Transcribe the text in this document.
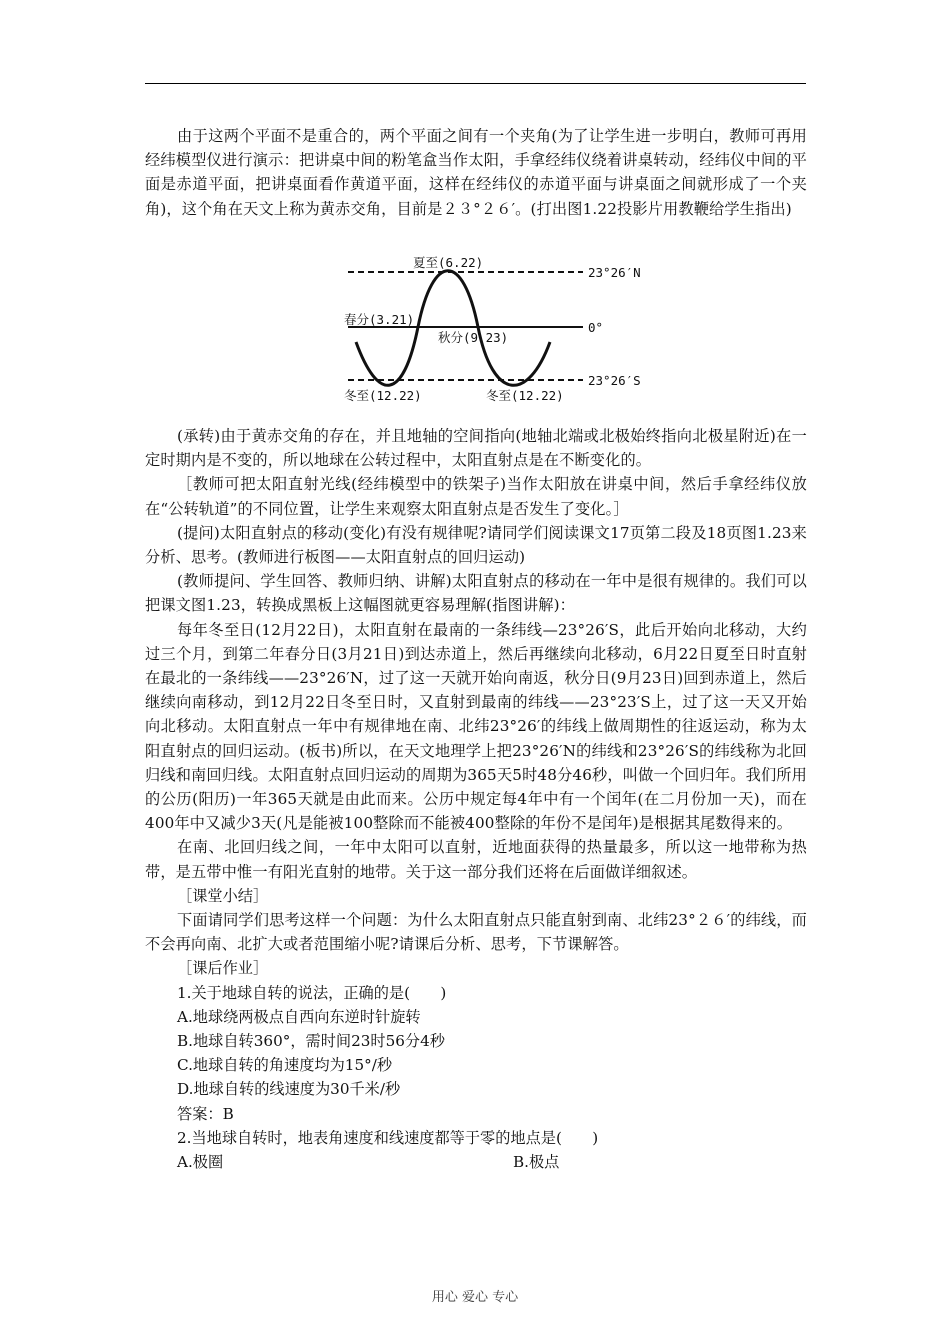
由于这两个平面不是重合的，两个平面之间有一个夹角(为了让学生进一步明白，教师可再用经纬模型仪进行演示：把讲桌中间的粉笔盒当作太阳，手拿经纬仪绕着讲桌转动，经纬仪中间的平面是赤道平面，把讲桌面看作黄道平面，这样在经纬仪的赤道平面与讲桌面之间就形成了一个夹角)，这个角在天文上称为黄赤交角，目前是２３°２６′。(打出图1.22投影片用教鞭给学生指出)

夏至(6.22)
春分(3.21)
秋分(9.23)
冬至(12.22)	冬至(12.22)
23°26′N
0°
23°26′S

(承转)由于黄赤交角的存在，并且地轴的空间指向(地轴北端或北极始终指向北极星附近)在一定时期内是不变的，所以地球在公转过程中，太阳直射点是在不断变化的。

［教师可把太阳直射光线(经纬模型中的铁架子)当作太阳放在讲桌中间，然后手拿经纬仪放在“公转轨道”的不同位置，让学生来观察太阳直射点是否发生了变化。］

(提问)太阳直射点的移动(变化)有没有规律呢?请同学们阅读课文17页第二段及18页图1.23来分析、思考。(教师进行板图——太阳直射点的回归运动)

(教师提问、学生回答、教师归纳、讲解)太阳直射点的移动在一年中是很有规律的。我们可以把课文图1.23，转换成黑板上这幅图就更容易理解(指图讲解)：

每年冬至日(12月22日)，太阳直射在最南的一条纬线—23°26′S，此后开始向北移动，大约过三个月，到第二年春分日(3月21日)到达赤道上，然后再继续向北移动，6月22日夏至日时直射在最北的一条纬线——23°26′N，过了这一天就开始向南返，秋分日(9月23日)回到赤道上，然后继续向南移动，到12月22日冬至日时，又直射到最南的纬线——23°23′S上，过了这一天又开始向北移动。太阳直射点一年中有规律地在南、北纬23°26′的纬线上做周期性的往返运动，称为太阳直射点的回归运动。(板书)所以，在天文地理学上把23°26′N的纬线和23°26′S的纬线称为北回归线和南回归线。太阳直射点回归运动的周期为365天5时48分46秒，叫做一个回归年。我们所用的公历(阳历)一年365天就是由此而来。公历中规定每4年中有一个闰年(在二月份加一天)，而在400年中又减少3天(凡是能被100整除而不能被400整除的年份不是闰年)是根据其尾数得来的。

在南、北回归线之间，一年中太阳可以直射，近地面获得的热量最多，所以这一地带称为热带，是五带中惟一有阳光直射的地带。关于这一部分我们还将在后面做详细叙述。

［课堂小结］

下面请同学们思考这样一个问题：为什么太阳直射点只能直射到南、北纬23°２６′的纬线，而不会再向南、北扩大或者范围缩小呢?请课后分析、思考，下节课解答。

［课后作业］

1.关于地球自转的说法，正确的是(　　)

A.地球绕两极点自西向东逆时针旋转

B.地球自转360°，需时间23时56分4秒

C.地球自转的角速度均为15°/秒

D.地球自转的线速度为30千米/秒

答案：B

2.当地球自转时，地表角速度和线速度都等于零的地点是(　　)

A.极圈	B.极点
用心 爱心 专心
